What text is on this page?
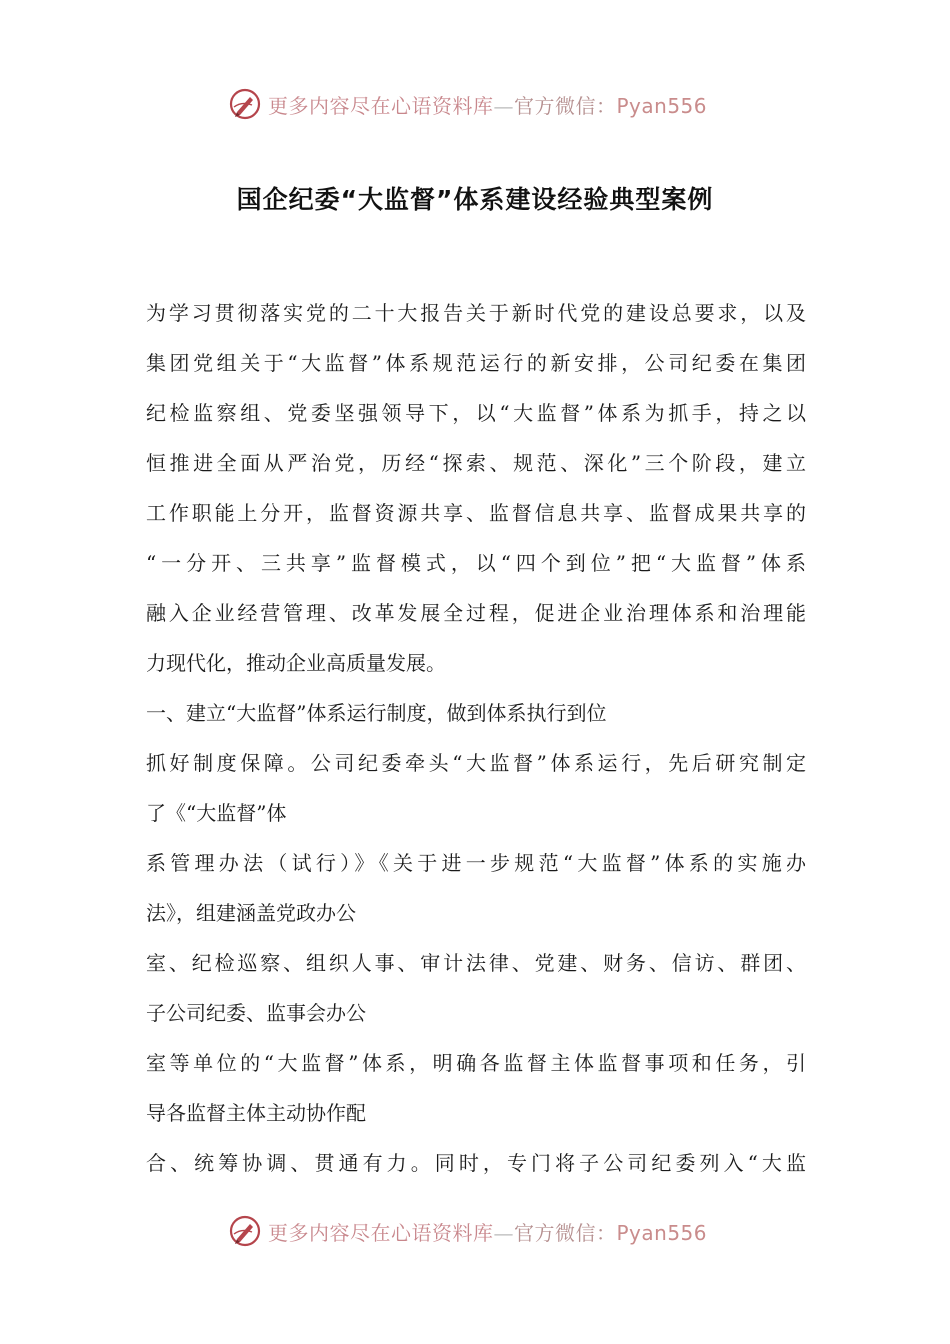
更多内容尽在心语资料库—官方微信：Pyan556
国企纪委“大监督”体系建设经验典型案例
为学习贯彻落实党的二十大报告关于新时代党的建设总要求，以及
集团党组关于“大监督”体系规范运行的新安排，公司纪委在集团
纪检监察组、党委坚强领导下，以“大监督”体系为抓手，持之以
恒推进全面从严治党，历经“探索、规范、深化”三个阶段，建立
工作职能上分开，监督资源共享、监督信息共享、监督成果共享的
“一分开、三共享”监督模式，以“四个到位”把“大监督”体系
融入企业经营管理、改革发展全过程，促进企业治理体系和治理能
力现代化，推动企业高质量发展。
一、建立“大监督”体系运行制度，做到体系执行到位
抓好制度保障。公司纪委牵头“大监督”体系运行，先后研究制定
了《“大监督”体
系管理办法（试行）》《关于进一步规范“大监督”体系的实施办
法》，组建涵盖党政办公
室、纪检巡察、组织人事、审计法律、党建、财务、信访、群团、
子公司纪委、监事会办公
室等单位的“大监督”体系，明确各监督主体监督事项和任务，引
导各监督主体主动协作配
合、统筹协调、贯通有力。同时，专门将子公司纪委列入“大监
更多内容尽在心语资料库—官方微信：Pyan556
